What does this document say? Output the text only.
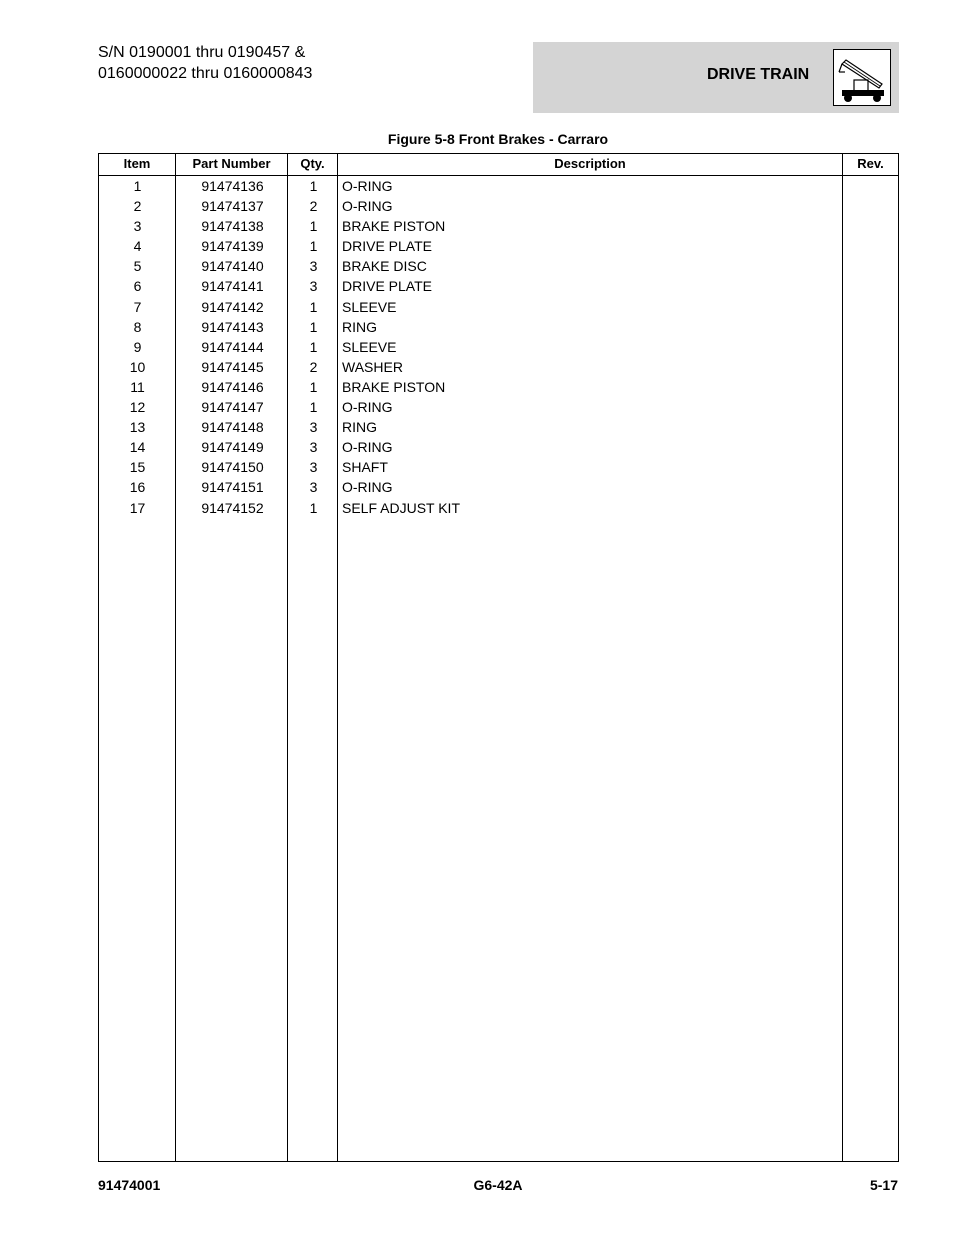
S/N 0190001 thru 0190457 &
0160000022 thru 0160000843	DRIVE TRAIN
Figure 5-8 Front Brakes - Carraro
Item	Part Number	Qty.	Description	Rev.
1	91474136	1	O-RING
2	91474137	2	O-RING
3	91474138	1	BRAKE PISTON
4	91474139	1	DRIVE PLATE
5	91474140	3	BRAKE DISC
6	91474141	3	DRIVE PLATE
7	91474142	1	SLEEVE
8	91474143	1	RING
9	91474144	1	SLEEVE
10	91474145	2	WASHER
11	91474146	1	BRAKE PISTON
12	91474147	1	O-RING
13	91474148	3	RING
14	91474149	3	O-RING
15	91474150	3	SHAFT
16	91474151	3	O-RING
17	91474152	1	SELF ADJUST KIT
91474001	G6-42A	5-17
